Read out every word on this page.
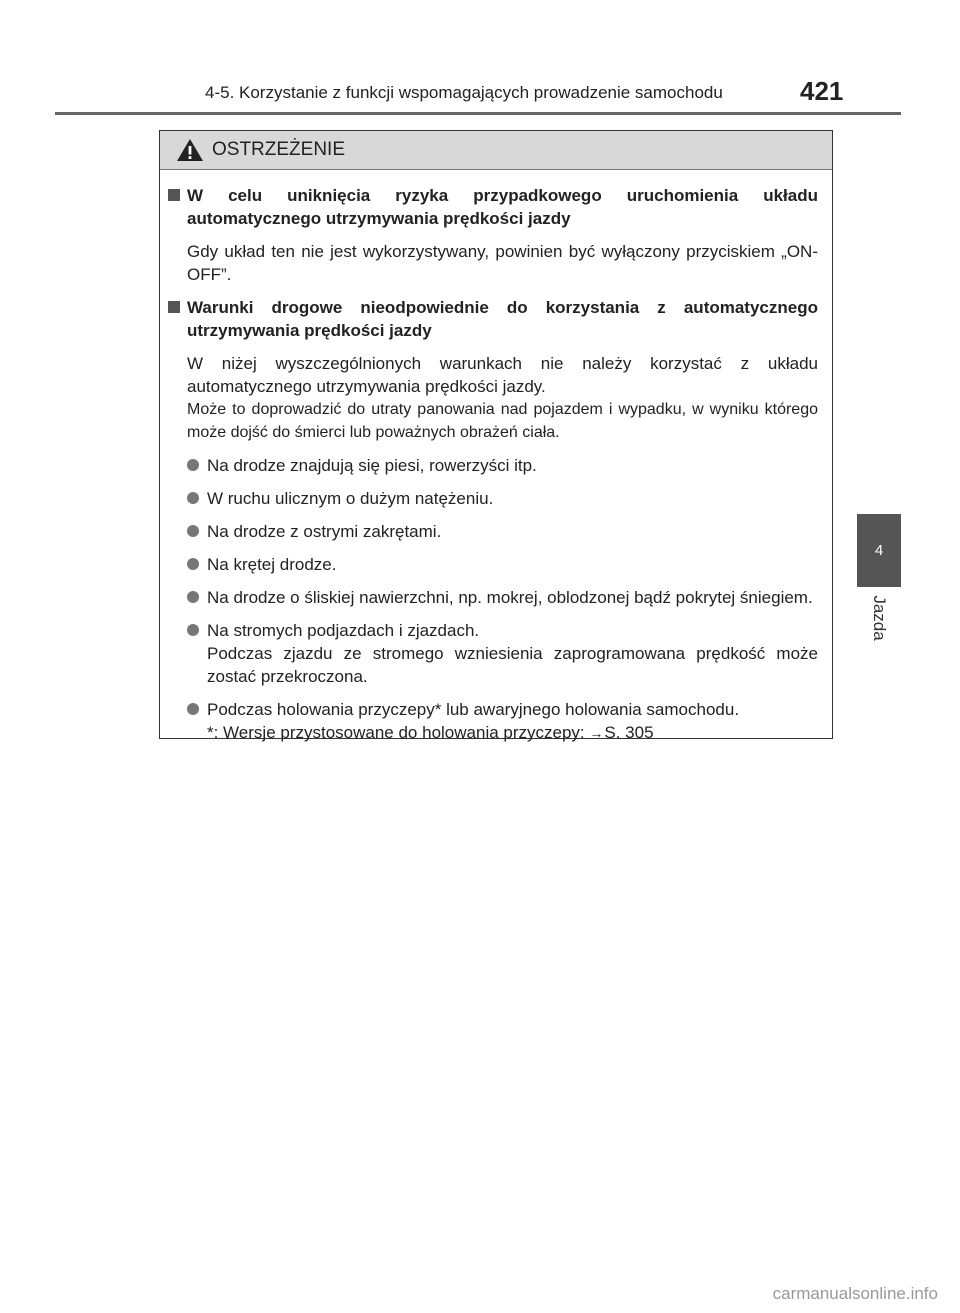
4-5. Korzystanie z funkcji wspomagających prowadzenie samochodu	421
4
Jazda
OSTRZEŻENIE
W celu uniknięcia ryzyka przypadkowego uruchomienia układu automatycznego utrzymywania prędkości jazdy
Gdy układ ten nie jest wykorzystywany, powinien być wyłączony przyciskiem „ON-OFF”.
Warunki drogowe nieodpowiednie do korzystania z automatycznego utrzymywania prędkości jazdy
W niżej wyszczególnionych warunkach nie należy korzystać z układu automatycznego utrzymywania prędkości jazdy.
Może to doprowadzić do utraty panowania nad pojazdem i wypadku, w wyniku którego może dojść do śmierci lub poważnych obrażeń ciała.
Na drodze znajdują się piesi, rowerzyści itp.
W ruchu ulicznym o dużym natężeniu.
Na drodze z ostrymi zakrętami.
Na krętej drodze.
Na drodze o śliskiej nawierzchni, np. mokrej, oblodzonej bądź pokrytej śniegiem.
Na stromych podjazdach i zjazdach.
Podczas zjazdu ze stromego wzniesienia zaprogramowana prędkość może zostać przekroczona.
Podczas holowania przyczepy* lub awaryjnego holowania samochodu.
*: Wersje przystosowane do holowania przyczepy: →S. 305
carmanualsonline.info
